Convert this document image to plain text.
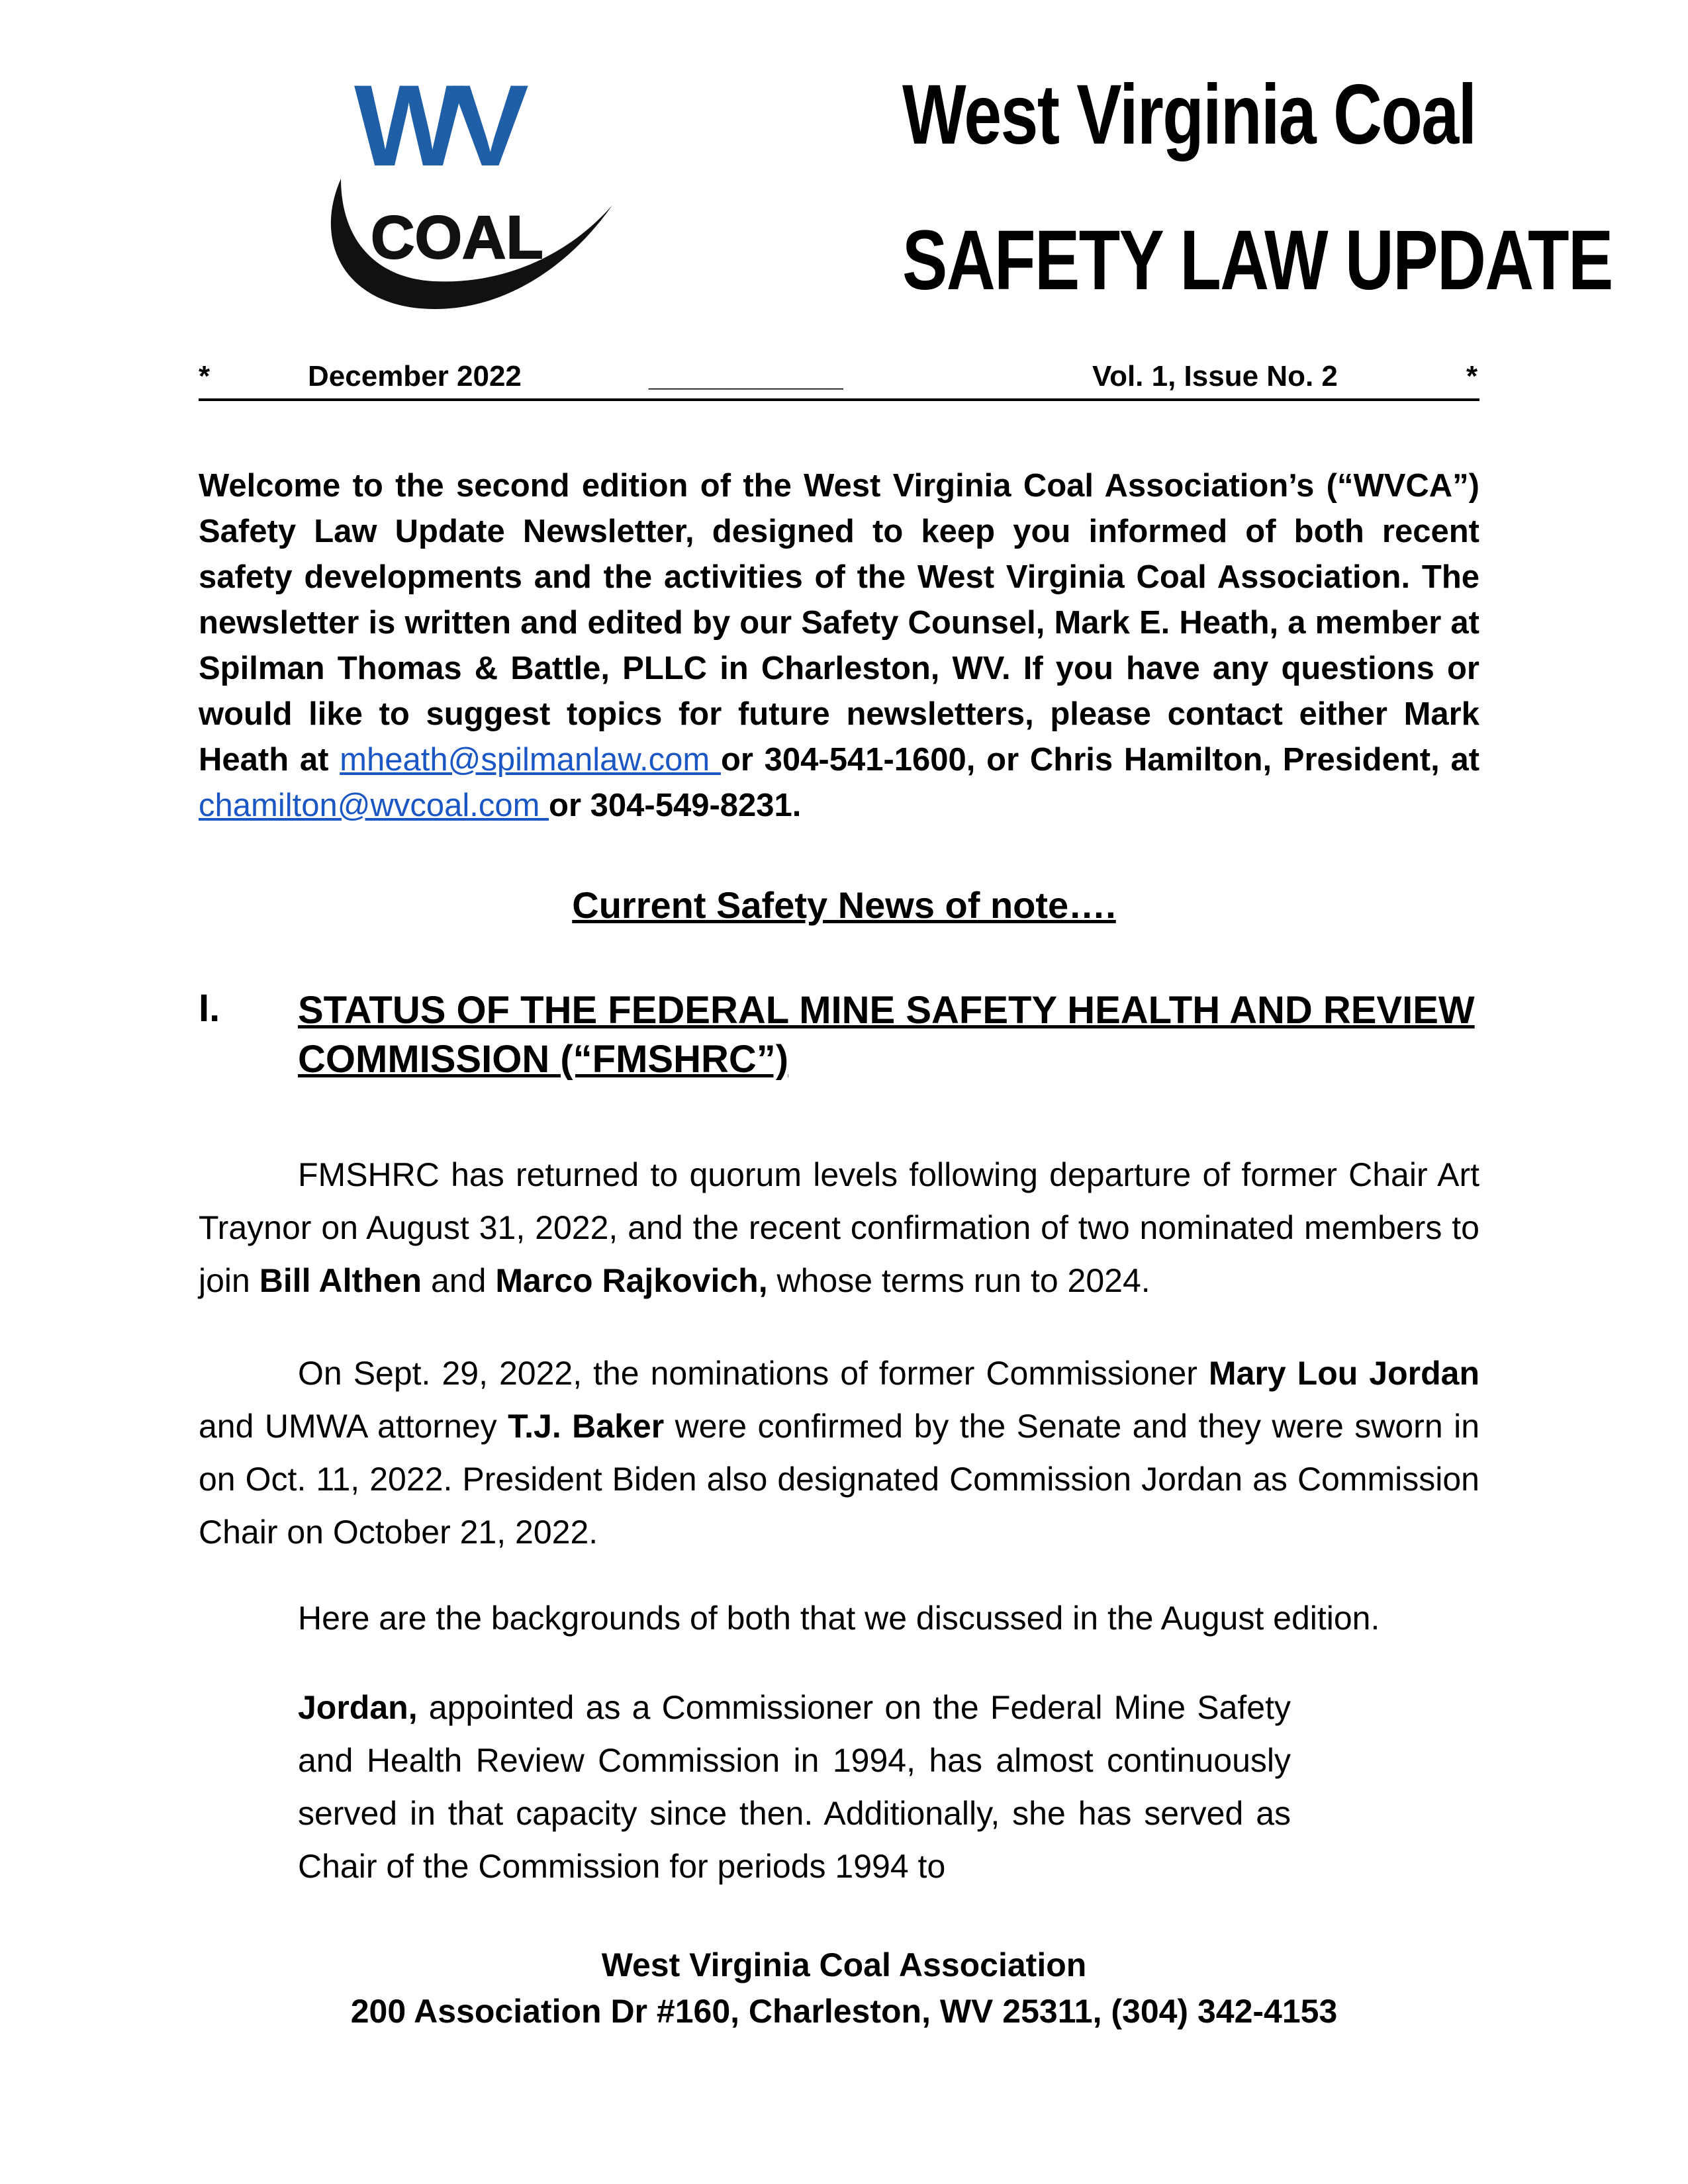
WV
COAL
West Virginia Coal
SAFETY LAW UPDATE
*	December 2022	____________	Vol. 1, Issue No. 2	*
Welcome to the second edition of the West Virginia Coal Association’s (“WVCA”) Safety Law Update Newsletter, designed to keep you informed of both recent safety developments and the activities of the West Virginia Coal Association. The newsletter is written and edited by our Safety Counsel, Mark E. Heath, a member at Spilman Thomas & Battle, PLLC in Charleston, WV. If you have any questions or would like to suggest topics for future newsletters, please contact either Mark Heath at mheath@spilmanlaw.com or 304-541-1600, or Chris Hamilton, President, at chamilton@wvcoal.com or 304-549-8231.
Current Safety News of note….
I. STATUS OF THE FEDERAL MINE SAFETY HEALTH AND REVIEW COMMISSION (“FMSHRC”)
FMSHRC has returned to quorum levels following departure of former Chair Art Traynor on August 31, 2022, and the recent confirmation of two nominated members to join Bill Althen and Marco Rajkovich, whose terms run to 2024.
On Sept. 29, 2022, the nominations of former Commissioner Mary Lou Jordan and UMWA attorney T.J. Baker were confirmed by the Senate and they were sworn in on Oct. 11, 2022. President Biden also designated Commission Jordan as Commission Chair on October 21, 2022.
Here are the backgrounds of both that we discussed in the August edition.
Jordan, appointed as a Commissioner on the Federal Mine Safety and Health Review Commission in 1994, has almost continuously served in that capacity since then. Additionally, she has served as Chair of the Commission for periods 1994 to
West Virginia Coal Association
200 Association Dr #160, Charleston, WV 25311, (304) 342-4153
